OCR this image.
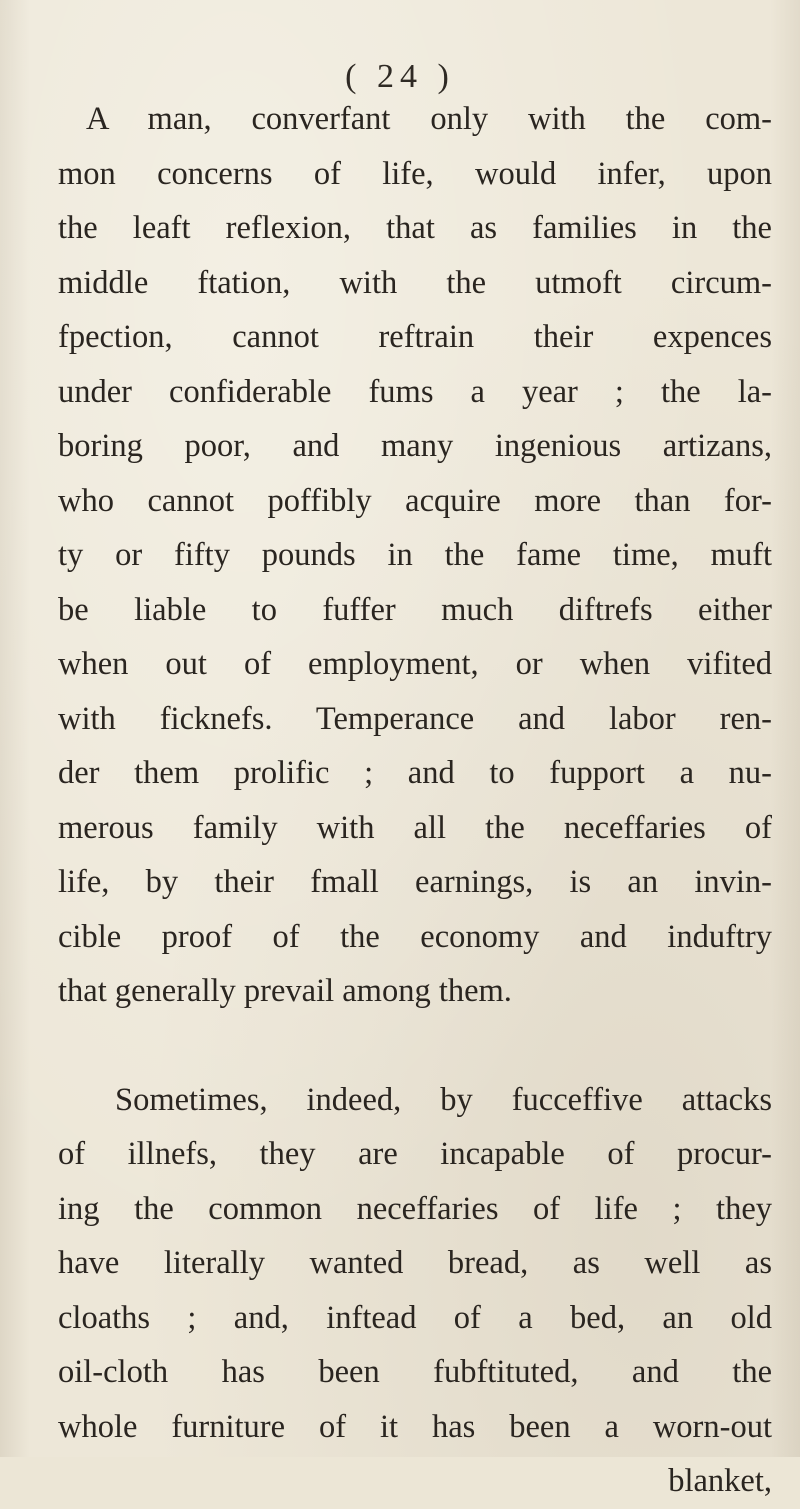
( 24 )
A man, converfant only with the com-
mon concerns of life, would infer, upon
the leaft reflexion, that as families in the
middle ftation, with the utmoft circum-
fpection, cannot reftrain their expences
under confiderable fums a year ; the la-
boring poor, and many ingenious artizans,
who cannot poffibly acquire more than for-
ty or fifty pounds in the fame time, muft
be liable to fuffer much diftrefs either
when out of employment, or when vifited
with ficknefs. Temperance and labor ren-
der them prolific ; and to fupport a nu-
merous family with all the neceffaries of
life, by their fmall earnings, is an invin-
cible proof of the economy and induftry
that generally prevail among them.
Sometimes, indeed, by fucceffive attacks
of illnefs, they are incapable of procur-
ing the common neceffaries of life ; they
have literally wanted bread, as well as
cloaths ; and, inftead of a bed, an old
oil-cloth has been fubftituted, and the
whole furniture of it has been a worn-out
blanket,
